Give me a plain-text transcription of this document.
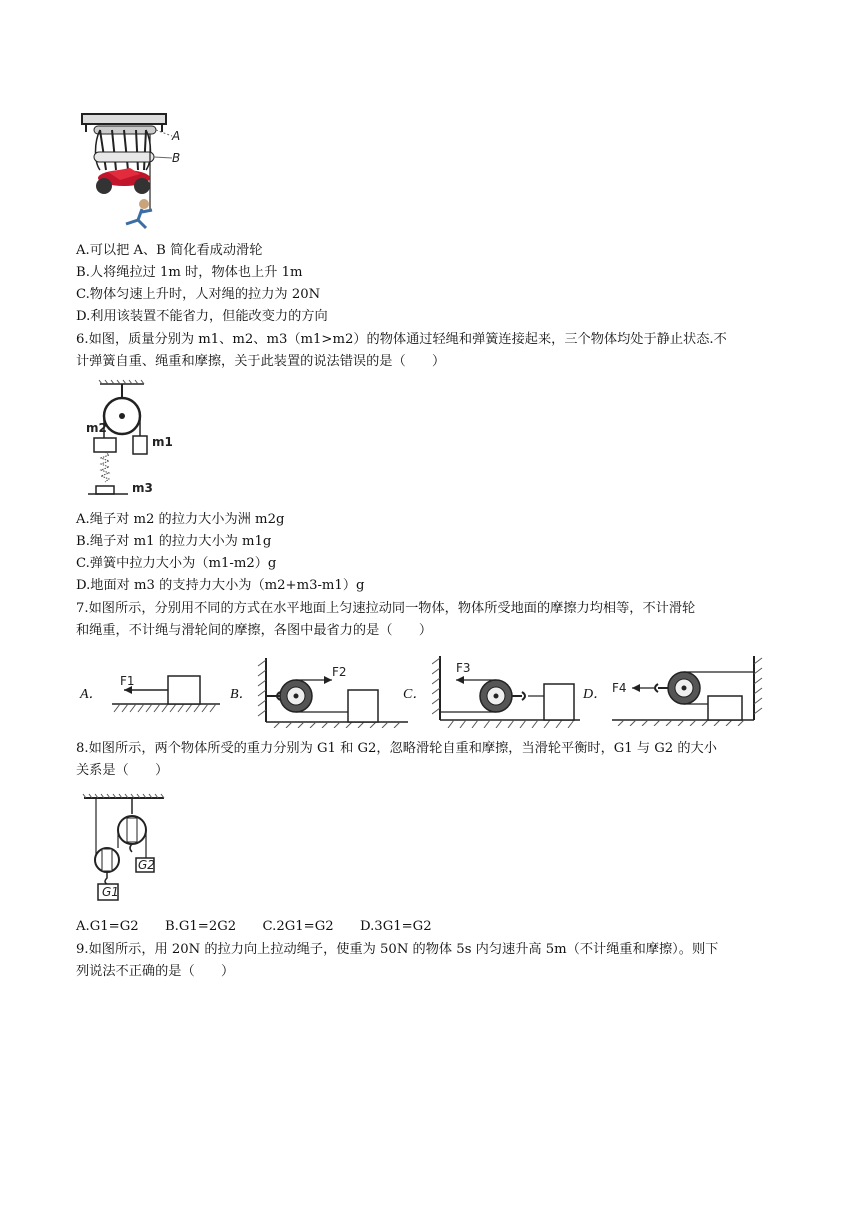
A
B
A.可以把 A、B 简化看成动滑轮
B.人将绳拉过 1m 时，物体也上升 1m
C.物体匀速上升时，人对绳的拉力为 20N
D.利用该装置不能省力，但能改变力的方向
6.如图，质量分别为 m1、m2、m3（m1>m2）的物体通过轻绳和弹簧连接起来，三个物体均处于静止状态.不
计弹簧自重、绳重和摩擦，关于此装置的说法错误的是（　　）
m2
m1
m3
A.绳子对 m2 的拉力大小为洲 m2g
B.绳子对 m1 的拉力大小为 m1g
C.弹簧中拉力大小为（m1-m2）g
D.地面对 m3 的支持力大小为（m2+m3-m1）g
7.如图所示，分别用不同的方式在水平地面上匀速拉动同一物体，物体所受地面的摩擦力均相等，不计滑轮
和绳重，不计绳与滑轮间的摩擦，各图中最省力的是（　　）
A．	B．	C．	D．
F1
F2	F3
F4
8.如图所示，两个物体所受的重力分别为 G1 和 G2，忽略滑轮自重和摩擦，当滑轮平衡时，G1 与 G2 的大小
关系是（　　）
G1
G2
A.G1=G2　　B.G1=2G2　　C.2G1=G2　　D.3G1=G2
9.如图所示，用 20N 的拉力向上拉动绳子，使重为 50N 的物体 5s 内匀速升高 5m（不计绳重和摩擦）。则下
列说法不正确的是（　　）
